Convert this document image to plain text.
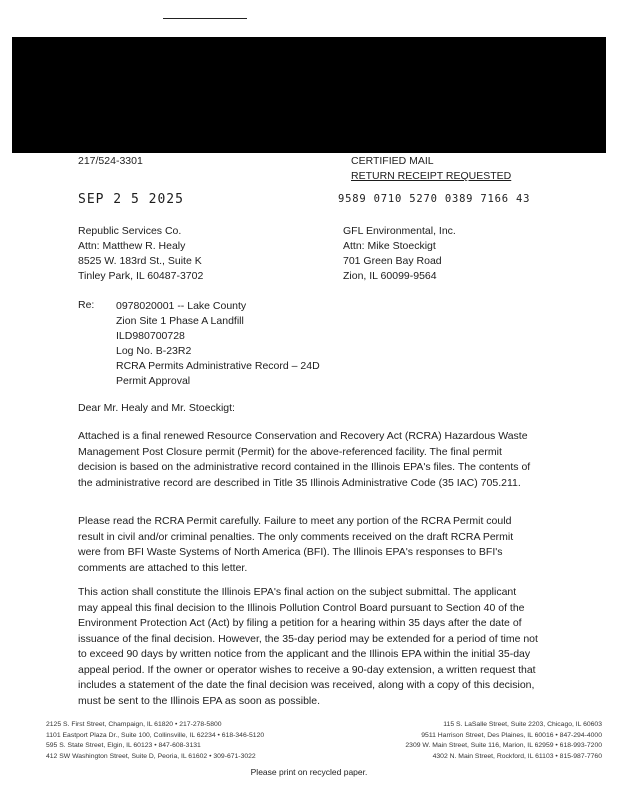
217/524-3301	CERTIFIED MAIL
RETURN RECEIPT REQUESTED
SEP 2 5 2025	9589 0710 5270 0389 7166 43
Republic Services Co.
Attn: Matthew R. Healy
8525 W. 183rd St., Suite K
Tinley Park, IL 60487-3702
GFL Environmental, Inc.
Attn: Mike Stoeckigt
701 Green Bay Road
Zion, IL 60099-9564
Re: 0978020001 -- Lake County
Zion Site 1 Phase A Landfill
ILD980700728
Log No. B-23R2
RCRA Permits Administrative Record – 24D
Permit Approval
Dear Mr. Healy and Mr. Stoeckigt:
Attached is a final renewed Resource Conservation and Recovery Act (RCRA) Hazardous Waste Management Post Closure permit (Permit) for the above-referenced facility. The final permit decision is based on the administrative record contained in the Illinois EPA's files. The contents of the administrative record are described in Title 35 Illinois Administrative Code (35 IAC) 705.211.
Please read the RCRA Permit carefully. Failure to meet any portion of the RCRA Permit could result in civil and/or criminal penalties. The only comments received on the draft RCRA Permit were from BFI Waste Systems of North America (BFI). The Illinois EPA's responses to BFI's comments are attached to this letter.
This action shall constitute the Illinois EPA's final action on the subject submittal. The applicant may appeal this final decision to the Illinois Pollution Control Board pursuant to Section 40 of the Environment Protection Act (Act) by filing a petition for a hearing within 35 days after the date of issuance of the final decision. However, the 35-day period may be extended for a period of time not to exceed 90 days by written notice from the applicant and the Illinois EPA within the initial 35-day appeal period. If the owner or operator wishes to receive a 90-day extension, a written request that includes a statement of the date the final decision was received, along with a copy of this decision, must be sent to the Illinois EPA as soon as possible.
2125 S. First Street, Champaign, IL 61820 • 217-278-5800
1101 Eastport Plaza Dr., Suite 100, Collinsville, IL 62234 • 618-346-5120
595 S. State Street, Elgin, IL 60123 • 847-608-3131
412 SW Washington Street, Suite D, Peoria, IL 61602 • 309-671-3022
115 S. LaSalle Street, Suite 2203, Chicago, IL 60603
9511 Harrison Street, Des Plaines, IL 60016 • 847-294-4000
2309 W. Main Street, Suite 116, Marion, IL 62959 • 618-993-7200
4302 N. Main Street, Rockford, IL 61103 • 815-987-7760
Please print on recycled paper.
